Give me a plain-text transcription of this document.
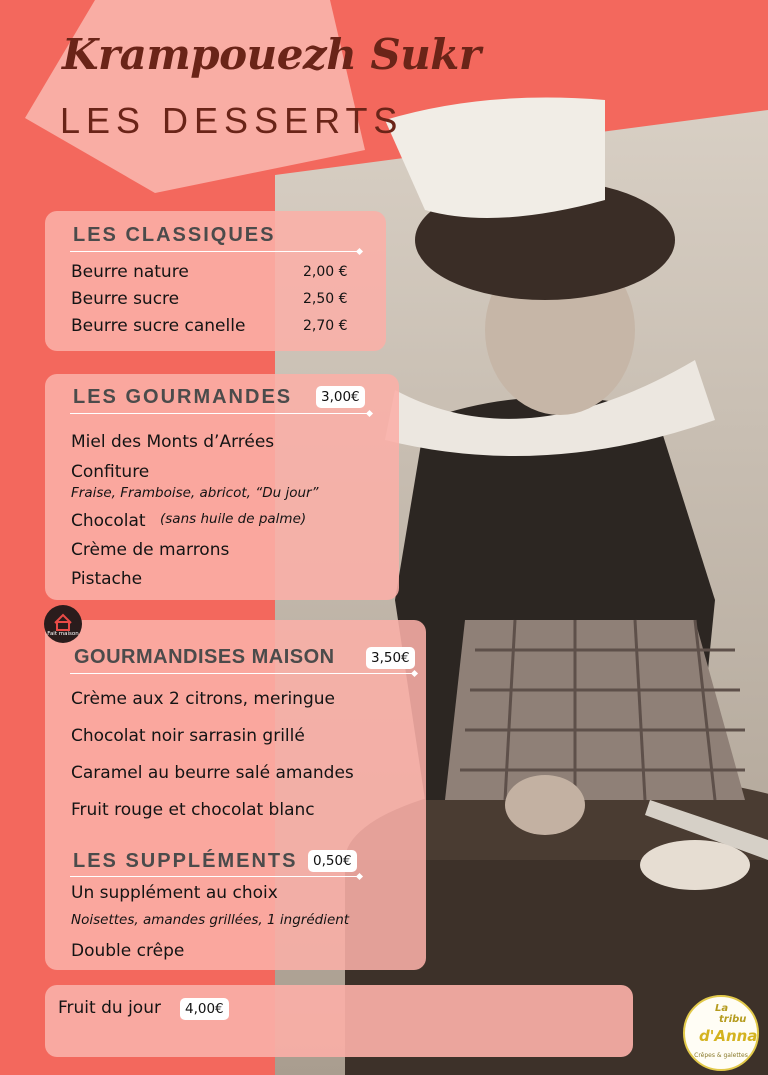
Krampouezh Sukr
LES DESSERTS
LES CLASSIQUES
Beurre nature	2,00 €
Beurre sucre	2,50 €
Beurre sucre canelle	2,70 €
LES GOURMANDES	3,00€
Miel des Monts d’Arrées
Confiture
Fraise, Framboise, abricot, “Du jour”
Chocolat (sans huile de palme)
Crème de marrons
Pistache
Fait maison
GOURMANDISES MAISON	3,50€
Crème aux 2 citrons, meringue
Chocolat noir sarrasin grillé
Caramel au beurre salé amandes
Fruit rouge et chocolat blanc
LES SUPPLÉMENTS	0,50€
Un supplément au choix
Noisettes, amandes grillées, 1 ingrédient
Double crêpe
Fruit du jour	4,00€	La
tribu
d'Anna
Crêpes & galettes
